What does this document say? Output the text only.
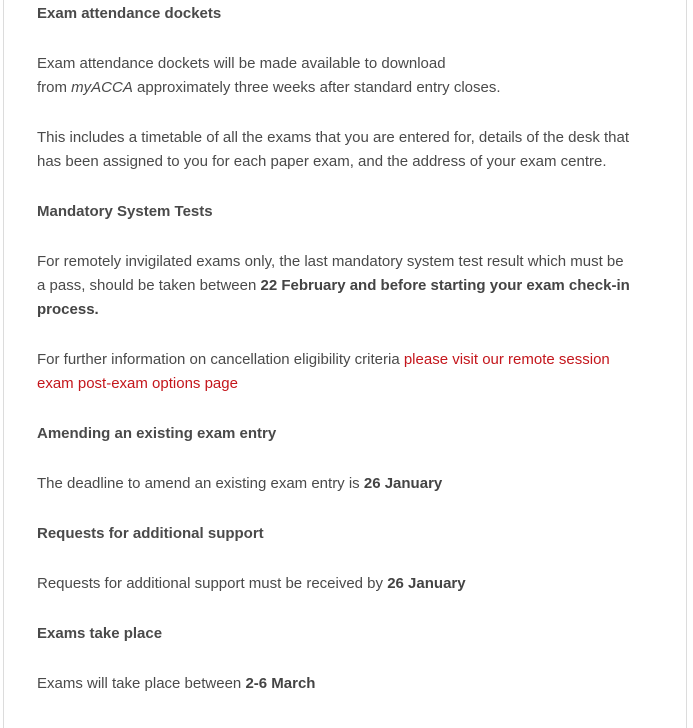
Exam attendance dockets

Exam attendance dockets will be made available to download
from myACCA approximately three weeks after standard entry closes.

This includes a timetable of all the exams that you are entered for, details of the desk that
has been assigned to you for each paper exam, and the address of your exam centre.

Mandatory System Tests

For remotely invigilated exams only, the last mandatory system test result which must be
a pass, should be taken between 22 February and before starting your exam check-in
process.

For further information on cancellation eligibility criteria please visit our remote session
exam post-exam options page

Amending an existing exam entry

The deadline to amend an existing exam entry is 26 January

Requests for additional support

Requests for additional support must be received by 26 January

Exams take place

Exams will take place between 2-6 March
